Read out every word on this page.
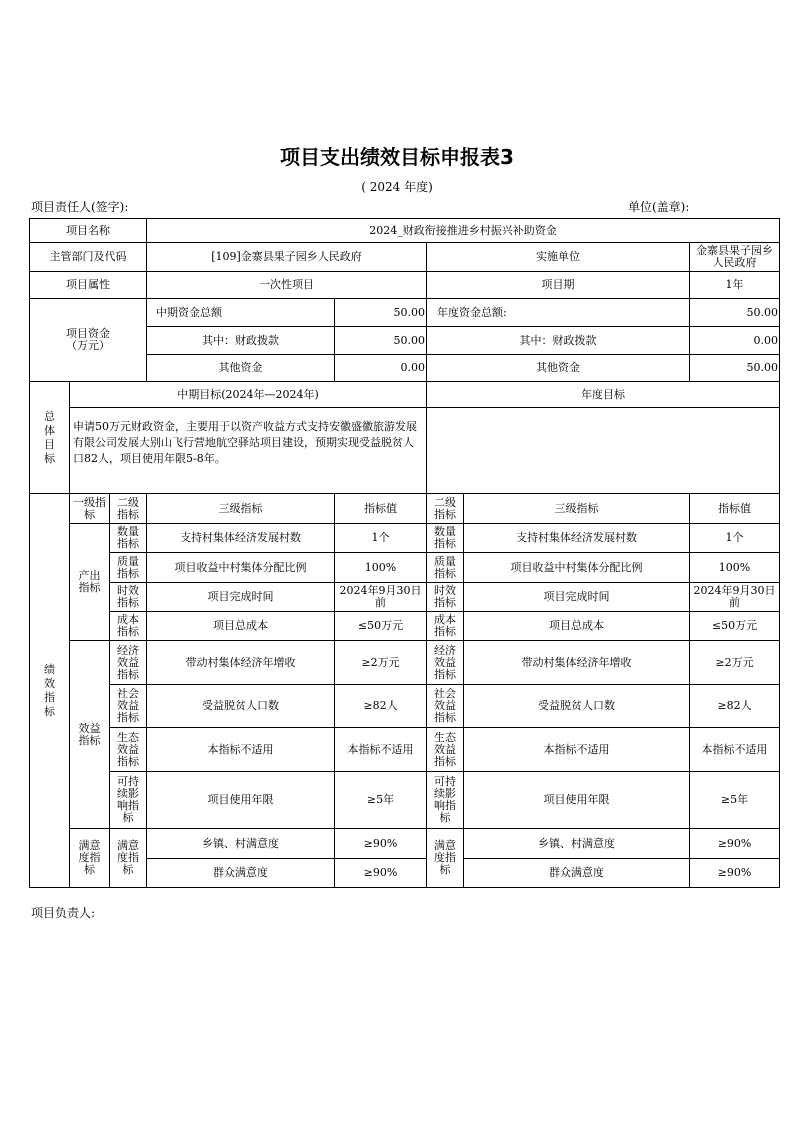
项目支出绩效目标申报表3
( 2024 年度)
项目责任人(签字):	单位(盖章):
项目名称			2024_财政衔接推进乡村振兴补助资金				
主管部门及代码			[109]金寨县果子园乡人民政府		实施单位		金寨县果子园乡人民政府
项目属性			一次性项目		项目期		1年
项目资金（万元）			中期资金总额	50.00	年度资金总额:		50.00
			其中：财政拨款	50.00	其中：财政拨款		0.00
			其他资金	0.00	其他资金		50.00
总体目标	中期目标(2024年—2024年)				年度目标		
	申请50万元财政资金，主要用于以资产收益方式支持安徽盛徽旅游发展有限公司发展大别山飞行营地航空驿站项目建设，预期实现受益脱贫人口82人，项目使用年限5-8年。						
绩效指标	一级指标	二级指标	三级指标	指标值	二级指标	三级指标	指标值
	产出指标	数量指标	支持村集体经济发展村数	1个	数量指标	支持村集体经济发展村数	1个
		质量指标	项目收益中村集体分配比例	100%	质量指标	项目收益中村集体分配比例	100%
		时效指标	项目完成时间	2024年9月30日前	时效指标	项目完成时间	2024年9月30日 前
		成本指标	项目总成本	≤50万元	成本指标	项目总成本	≤50万元
	效益指标	经济效益指标	带动村集体经济年增收	≥2万元	经济效益指标	带动村集体经济年增收	≥2万元
		社会效益指标	受益脱贫人口数	≥82人	社会效益指标	受益脱贫人口数	≥82人
		生态效益指标	本指标不适用	本指标不适用	生态效益指标	本指标不适用	本指标不适用
		可持续影响指标	项目使用年限	≥5年	可持续影响指标	项目使用年限	≥5年
	满意度指标	满意度指标	乡镇、村满意度	≥90%	满意度指标	乡镇、村满意度	≥90%
			群众满意度	≥90%		群众满意度	≥90%
项目负责人:
